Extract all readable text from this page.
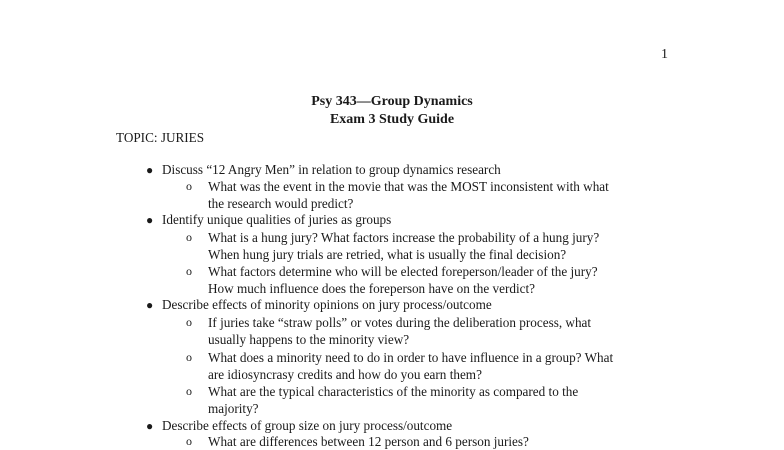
1
Psy 343—Group Dynamics
Exam 3 Study Guide
TOPIC: JURIES
● Discuss “12 Angry Men” in relation to group dynamics research
o What was the event in the movie that was the MOST inconsistent with what
the research would predict?
● Identify unique qualities of juries as groups
o What is a hung jury? What factors increase the probability of a hung jury?
When hung jury trials are retried, what is usually the final decision?
o What factors determine who will be elected foreperson/leader of the jury?
How much influence does the foreperson have on the verdict?
● Describe effects of minority opinions on jury process/outcome
o If juries take “straw polls” or votes during the deliberation process, what
usually happens to the minority view?
o What does a minority need to do in order to have influence in a group? What
are idiosyncrasy credits and how do you earn them?
o What are the typical characteristics of the minority as compared to the
majority?
● Describe effects of group size on jury process/outcome
o What are differences between 12 person and 6 person juries?
